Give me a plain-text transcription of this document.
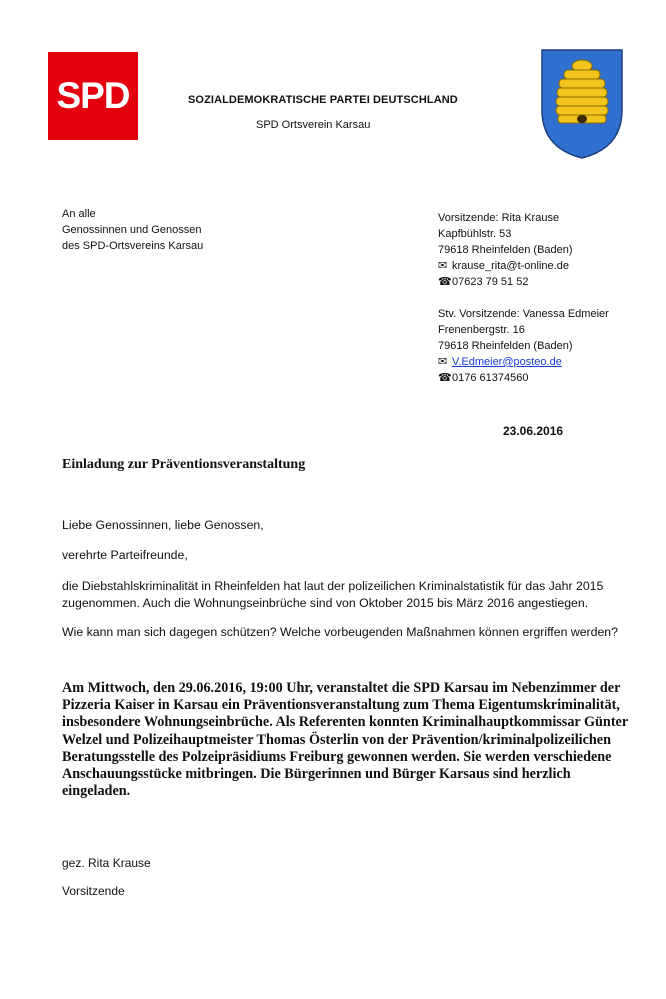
SPD	SOZIALDEMOKRATISCHE PARTEI DEUTSCHLAND
SPD Ortsverein Karsau
An alle
Genossinnen und Genossen
des SPD-Ortsvereins Karsau
Vorsitzende: Rita Krause
Kapfbühlstr. 53
79618 Rheinfelden (Baden)
✉ krause_rita@t-online.de
☎07623 79 51 52
Stv. Vorsitzende: Vanessa Edmeier
Frenenbergstr. 16
79618 Rheinfelden (Baden)
✉ V.Edmeier@posteo.de
☎0176 61374560
23.06.2016
Einladung zur Präventionsveranstaltung
Liebe Genossinnen, liebe Genossen,
verehrte Parteifreunde,
die Diebstahlskriminalität in Rheinfelden hat laut der polizeilichen Kriminalstatistik für das Jahr 2015 zugenommen. Auch die Wohnungseinbrüche sind von Oktober 2015 bis März 2016 angestiegen.
Wie kann man sich dagegen schützen? Welche vorbeugenden Maßnahmen können ergriffen werden?
Am Mittwoch, den 29.06.2016, 19:00 Uhr, veranstaltet die SPD Karsau im Nebenzimmer der Pizzeria Kaiser in Karsau ein Präventionsveranstaltung zum Thema Eigentumskriminalität, insbesondere Wohnungseinbrüche. Als Referenten konnten Kriminalhauptkommissar Günter Welzel und Polizeihauptmeister Thomas Österlin von der Prävention/kriminalpolizeilichen Beratungsstelle des Polzeipräsidiums Freiburg gewonnen werden. Sie werden verschiedene Anschauungsstücke mitbringen. Die Bürgerinnen und Bürger Karsaus sind herzlich eingeladen.
gez. Rita Krause
Vorsitzende
